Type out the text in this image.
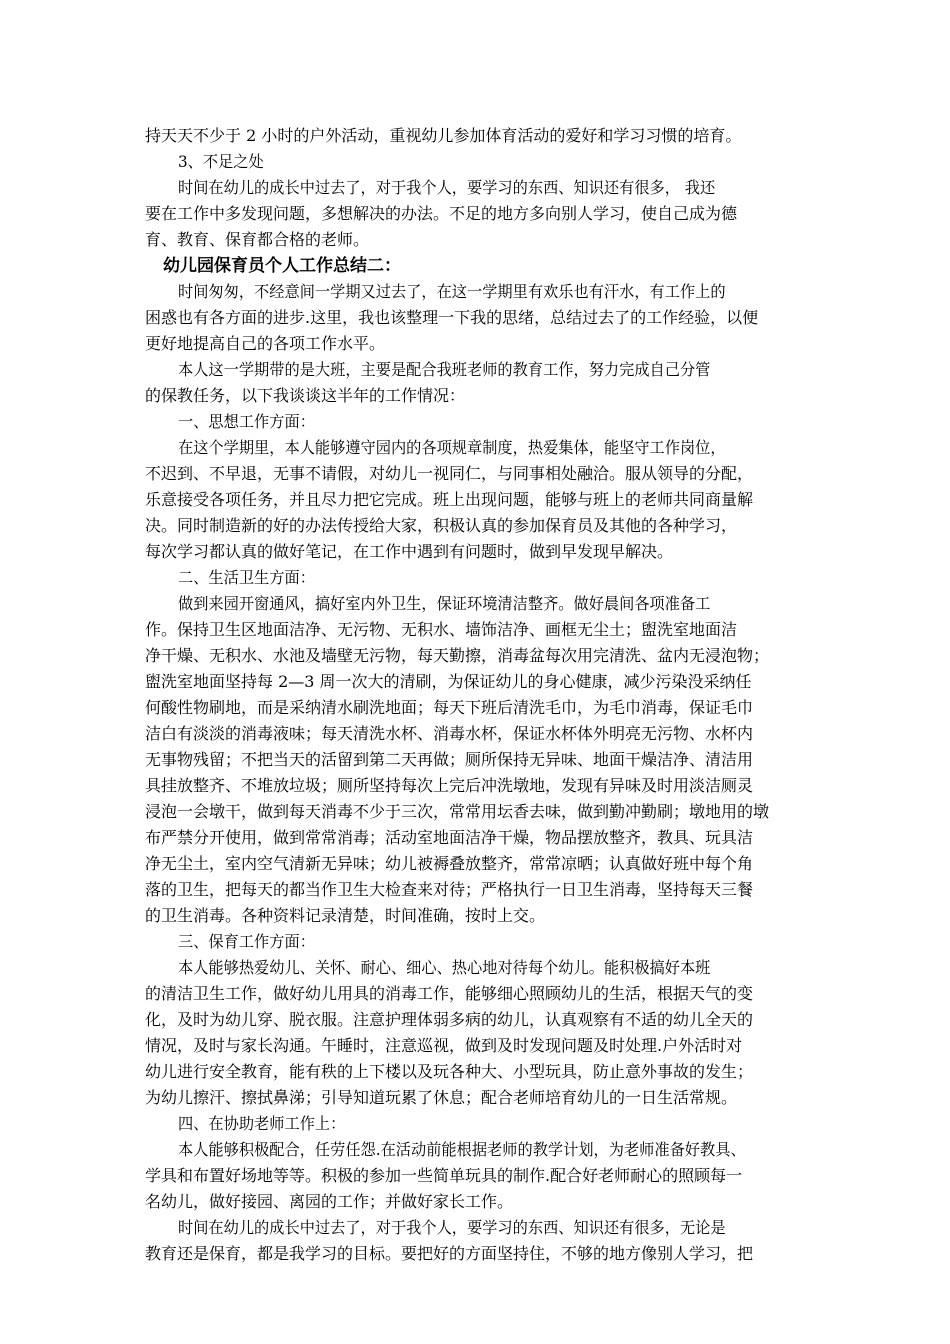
持天天不少于 2 小时的户外活动，重视幼儿参加体育活动的爱好和学习习惯的培育。
3、不足之处
时间在幼儿的成长中过去了，对于我个人，要学习的东西、知识还有很多， 我还
要在工作中多发现问题，多想解决的办法。不足的地方多向别人学习，使自己成为德
育、教育、保育都合格的老师。
幼儿园保育员个人工作总结二：
时间匆匆，不经意间一学期又过去了，在这一学期里有欢乐也有汗水，有工作上的
困惑也有各方面的进步.这里，我也该整理一下我的思绪，总结过去了的工作经验，以便
更好地提高自己的各项工作水平。
本人这一学期带的是大班，主要是配合我班老师的教育工作，努力完成自己分管
的保教任务，以下我谈谈这半年的工作情况：
一、思想工作方面：
在这个学期里，本人能够遵守园内的各项规章制度，热爱集体，能坚守工作岗位，
不迟到、不早退，无事不请假，对幼儿一视同仁，与同事相处融洽。服从领导的分配，
乐意接受各项任务，并且尽力把它完成。班上出现问题，能够与班上的老师共同商量解
决。同时制造新的好的办法传授给大家，积极认真的参加保育员及其他的各种学习，
每次学习都认真的做好笔记，在工作中遇到有问题时，做到早发现早解决。
二、生活卫生方面：
做到来园开窗通风，搞好室内外卫生，保证环境清洁整齐。做好晨间各项准备工
作。保持卫生区地面洁净、无污物、无积水、墙饰洁净、画框无尘土；盥洗室地面洁
净干燥、无积水、水池及墙壁无污物，每天勤擦，消毒盆每次用完清洗、盆内无浸泡物；
盥洗室地面坚持每 2—3 周一次大的清刷，为保证幼儿的身心健康，减少污染没采纳任
何酸性物刷地，而是采纳清水刷洗地面；每天下班后清洗毛巾，为毛巾消毒，保证毛巾
洁白有淡淡的消毒液味；每天清洗水杯、消毒水杯，保证水杯体外明亮无污物、水杯内
无事物残留；不把当天的活留到第二天再做；厕所保持无异味、地面干燥洁净、清洁用
具挂放整齐、不堆放垃圾；厕所坚持每次上完后冲洗墩地，发现有异味及时用淡洁厕灵
浸泡一会墩干，做到每天消毒不少于三次，常常用坛香去味，做到勤冲勤刷；墩地用的墩
布严禁分开使用，做到常常消毒；活动室地面洁净干燥，物品摆放整齐，教具、玩具洁
净无尘土，室内空气清新无异味；幼儿被褥叠放整齐，常常凉晒；认真做好班中每个角
落的卫生，把每天的都当作卫生大检查来对待；严格执行一日卫生消毒，坚持每天三餐
的卫生消毒。各种资料记录清楚，时间准确，按时上交。
三、保育工作方面：
本人能够热爱幼儿、关怀、耐心、细心、热心地对待每个幼儿。能积极搞好本班
的清洁卫生工作，做好幼儿用具的消毒工作，能够细心照顾幼儿的生活，根据天气的变
化，及时为幼儿穿、脱衣服。注意护理体弱多病的幼儿，认真观察有不适的幼儿全天的
情况，及时与家长沟通。午睡时，注意巡视，做到及时发现问题及时处理.户外活时对
幼儿进行安全教育，能有秩的上下楼以及玩各种大、小型玩具，防止意外事故的发生；
为幼儿擦汗、擦拭鼻涕；引导知道玩累了休息；配合老师培育幼儿的一日生活常规。
四、在协助老师工作上：
本人能够积极配合，任劳任怨.在活动前能根据老师的教学计划，为老师准备好教具、
学具和布置好场地等等。积极的参加一些简单玩具的制作.配合好老师耐心的照顾每一
名幼儿，做好接园、离园的工作；并做好家长工作。
时间在幼儿的成长中过去了，对于我个人，要学习的东西、知识还有很多，无论是
教育还是保育，都是我学习的目标。要把好的方面坚持住，不够的地方像别人学习，把
